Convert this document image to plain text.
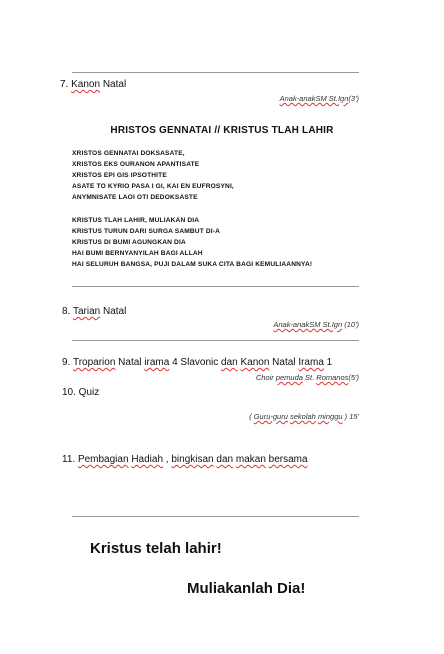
7. Kanon Natal
Anak-anakSM St.Ign(3')
HRISTOS GENNATAI // KRISTUS TLAH LAHIR
XRISTOS GENNATAI DOKSASATE,
XRISTOS EKS OURANON APANTISATE
XRISTOS EPI GIS IPSOTHITE
ASATE TO KYRIO PASA I GI, KAI EN EUFROSYNI,
ANYMNISATE LAOI OTI DEDOKSASTE
KRISTUS TLAH LAHIR, MULIAKAN DIA
KRISTUS TURUN DARI SURGA SAMBUT DI-A
KRISTUS DI BUMI AGUNGKAN DIA
HAI BUMI BERNYANYILAH BAGI ALLAH
HAI SELURUH BANGSA, PUJI DALAM SUKA CITA BAGI KEMULIAANNYA!
8. Tarian Natal
Anak-anakSM St.Ign (10')
9. Troparion Natal irama 4 Slavonic dan Kanon Natal Irama 1
Choir pemuda St. Romanos(5')
10. Quiz
( Guru-guru sekolah minggu ) 15'
11. Pembagian Hadiah , bingkisan dan makan bersama
Kristus telah lahir!
Muliakanlah Dia!
